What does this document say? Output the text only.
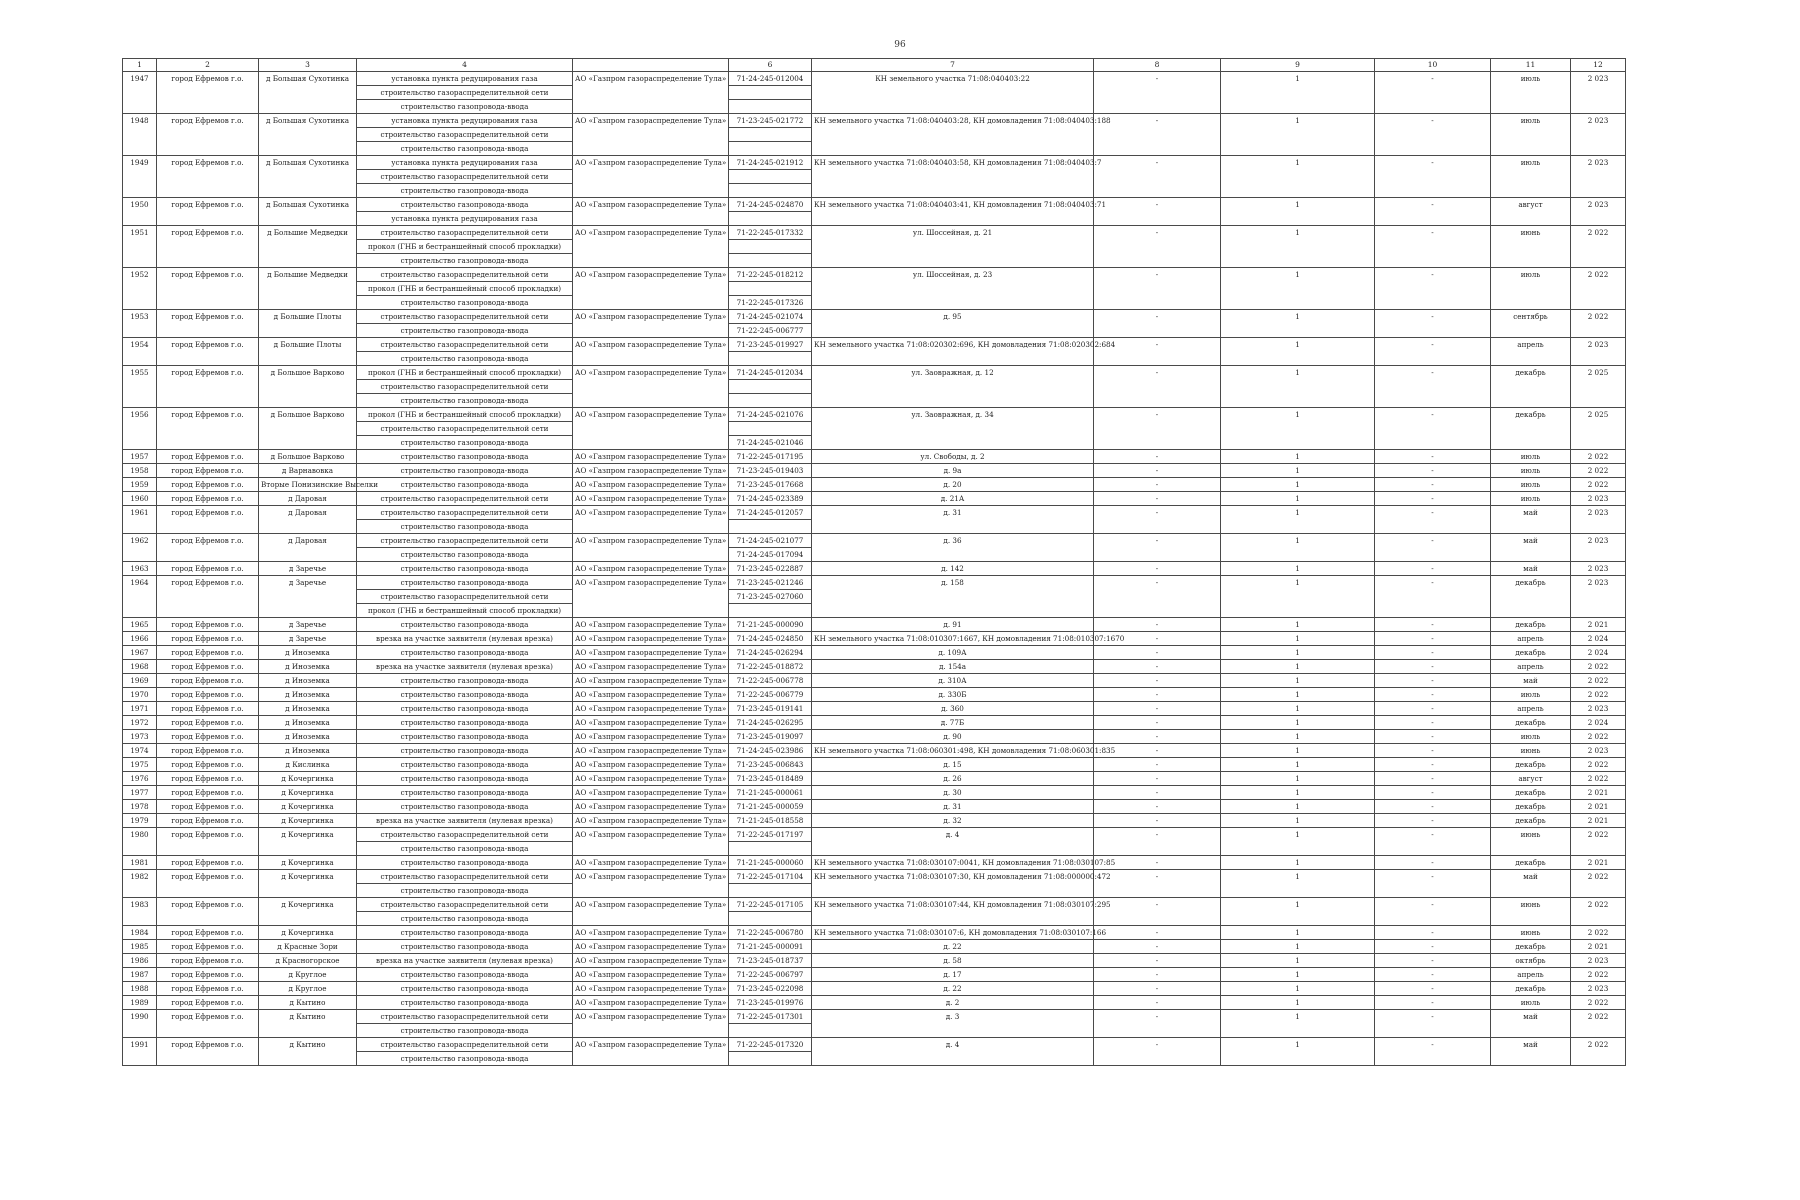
96
1	2	3	4		6	7	8	9	10	11	12
1947	город Ефремов г.о.	д Большая Сухотинка	установка пункта редуцирования газа	АО «Газпром газораспределение Тула»	71-24-245-012004	КН земельного участка 71:08:040403:22	-	1	-	июль	2 023
			строительство газораспределительной сети								
			строительство газопровода-ввода								
1948	город Ефремов г.о.	д Большая Сухотинка	установка пункта редуцирования газа	АО «Газпром газораспределение Тула»	71-23-245-021772	КН земельного участка 71:08:040403:28, КН домовладения 71:08:040403:188	-	1	-	июль	2 023
			строительство газораспределительной сети								
			строительство газопровода-ввода								
1949	город Ефремов г.о.	д Большая Сухотинка	установка пункта редуцирования газа	АО «Газпром газораспределение Тула»	71-24-245-021912	КН земельного участка 71:08:040403:58, КН домовладения 71:08:040403:7	-	1	-	июль	2 023
			строительство газораспределительной сети								
			строительство газопровода-ввода								
1950	город Ефремов г.о.	д Большая Сухотинка	строительство газопровода-ввода	АО «Газпром газораспределение Тула»	71-24-245-024870	КН земельного участка 71:08:040403:41, КН домовладения 71:08:040403:71	-	1	-	август	2 023
			установка пункта редуцирования газа								
1951	город Ефремов г.о.	д Большие Медведки	строительство газораспределительной сети	АО «Газпром газораспределение Тула»	71-22-245-017332	ул. Шоссейная, д. 21	-	1	-	июнь	2 022
			прокол (ГНБ и бестраншейный способ прокладки)								
			строительство газопровода-ввода								
1952	город Ефремов г.о.	д Большие Медведки	строительство газораспределительной сети	АО «Газпром газораспределение Тула»	71-22-245-018212	ул. Шоссейная, д. 23	-	1	-	июль	2 022
			прокол (ГНБ и бестраншейный способ прокладки)								
			строительство газопровода-ввода		71-22-245-017326						
1953	город Ефремов г.о.	д Большие Плоты	строительство газораспределительной сети	АО «Газпром газораспределение Тула»	71-24-245-021074	д. 95	-	1	-	сентябрь	2 022
			строительство газопровода-ввода		71-22-245-006777						
1954	город Ефремов г.о.	д Большие Плоты	строительство газораспределительной сети	АО «Газпром газораспределение Тула»	71-23-245-019927	КН земельного участка 71:08:020302:696, КН домовладения 71:08:020302:684	-	1	-	апрель	2 023
			строительство газопровода-ввода								
1955	город Ефремов г.о.	д Большое Варково	прокол (ГНБ и бестраншейный способ прокладки)	АО «Газпром газораспределение Тула»	71-24-245-012034	ул. Заовражная, д. 12	-	1	-	декабрь	2 025
			строительство газораспределительной сети								
			строительство газопровода-ввода								
1956	город Ефремов г.о.	д Большое Варково	прокол (ГНБ и бестраншейный способ прокладки)	АО «Газпром газораспределение Тула»	71-24-245-021076	ул. Заовражная, д. 34	-	1	-	декабрь	2 025
			строительство газораспределительной сети								
			строительство газопровода-ввода		71-24-245-021046						
1957	город Ефремов г.о.	д Большое Варково	строительство газопровода-ввода	АО «Газпром газораспределение Тула»	71-22-245-017195	ул. Свободы, д. 2	-	1	-	июль	2 022
1958	город Ефремов г.о.	д Варнавовка	строительство газопровода-ввода	АО «Газпром газораспределение Тула»	71-23-245-019403	д. 9а	-	1	-	июль	2 022
1959	город Ефремов г.о.	Вторые Понизинские Выселки	строительство газопровода-ввода	АО «Газпром газораспределение Тула»	71-23-245-017668	д. 20	-	1	-	июль	2 022
1960	город Ефремов г.о.	д Даровая	строительство газораспределительной сети	АО «Газпром газораспределение Тула»	71-24-245-023389	д. 21А	-	1	-	июль	2 023
1961	город Ефремов г.о.	д Даровая	строительство газораспределительной сети	АО «Газпром газораспределение Тула»	71-24-245-012057	д. 31	-	1	-	май	2 023
			строительство газопровода-ввода								
1962	город Ефремов г.о.	д Даровая	строительство газораспределительной сети	АО «Газпром газораспределение Тула»	71-24-245-021077	д. 36	-	1	-	май	2 023
			строительство газопровода-ввода		71-24-245-017094						
1963	город Ефремов г.о.	д Заречье	строительство газопровода-ввода	АО «Газпром газораспределение Тула»	71-23-245-022887	д. 142	-	1	-	май	2 023
1964	город Ефремов г.о.	д Заречье	строительство газопровода-ввода	АО «Газпром газораспределение Тула»	71-23-245-021246	д. 158	-	1	-	декабрь	2 023
			строительство газораспределительной сети		71-23-245-027060						
			прокол (ГНБ и бестраншейный способ прокладки)								
1965	город Ефремов г.о.	д Заречье	строительство газопровода-ввода	АО «Газпром газораспределение Тула»	71-21-245-000090	д. 91	-	1	-	декабрь	2 021
1966	город Ефремов г.о.	д Заречье	врезка на участке заявителя (нулевая врезка)	АО «Газпром газораспределение Тула»	71-24-245-024850	КН земельного участка 71:08:010307:1667, КН домовладения 71:08:010307:1670	-	1	-	апрель	2 024
1967	город Ефремов г.о.	д Иноземка	строительство газопровода-ввода	АО «Газпром газораспределение Тула»	71-24-245-026294	д. 109А	-	1	-	декабрь	2 024
1968	город Ефремов г.о.	д Иноземка	врезка на участке заявителя (нулевая врезка)	АО «Газпром газораспределение Тула»	71-22-245-018872	д. 154а	-	1	-	апрель	2 022
1969	город Ефремов г.о.	д Иноземка	строительство газопровода-ввода	АО «Газпром газораспределение Тула»	71-22-245-006778	д. 310А	-	1	-	май	2 022
1970	город Ефремов г.о.	д Иноземка	строительство газопровода-ввода	АО «Газпром газораспределение Тула»	71-22-245-006779	д. 330Б	-	1	-	июль	2 022
1971	город Ефремов г.о.	д Иноземка	строительство газопровода-ввода	АО «Газпром газораспределение Тула»	71-23-245-019141	д. 360	-	1	-	апрель	2 023
1972	город Ефремов г.о.	д Иноземка	строительство газопровода-ввода	АО «Газпром газораспределение Тула»	71-24-245-026295	д. 77Б	-	1	-	декабрь	2 024
1973	город Ефремов г.о.	д Иноземка	строительство газопровода-ввода	АО «Газпром газораспределение Тула»	71-23-245-019097	д. 90	-	1	-	июль	2 022
1974	город Ефремов г.о.	д Иноземка	строительство газопровода-ввода	АО «Газпром газораспределение Тула»	71-24-245-023986	КН земельного участка 71:08:060301:498, КН домовладения 71:08:060301:835	-	1	-	июнь	2 023
1975	город Ефремов г.о.	д Кислинка	строительство газопровода-ввода	АО «Газпром газораспределение Тула»	71-23-245-006843	д. 15	-	1	-	декабрь	2 022
1976	город Ефремов г.о.	д Кочергинка	строительство газопровода-ввода	АО «Газпром газораспределение Тула»	71-23-245-018489	д. 26	-	1	-	август	2 022
1977	город Ефремов г.о.	д Кочергинка	строительство газопровода-ввода	АО «Газпром газораспределение Тула»	71-21-245-000061	д. 30	-	1	-	декабрь	2 021
1978	город Ефремов г.о.	д Кочергинка	строительство газопровода-ввода	АО «Газпром газораспределение Тула»	71-21-245-000059	д. 31	-	1	-	декабрь	2 021
1979	город Ефремов г.о.	д Кочергинка	врезка на участке заявителя (нулевая врезка)	АО «Газпром газораспределение Тула»	71-21-245-018558	д. 32	-	1	-	декабрь	2 021
1980	город Ефремов г.о.	д Кочергинка	строительство газораспределительной сети	АО «Газпром газораспределение Тула»	71-22-245-017197	д. 4	-	1	-	июнь	2 022
			строительство газопровода-ввода								
1981	город Ефремов г.о.	д Кочергинка	строительство газопровода-ввода	АО «Газпром газораспределение Тула»	71-21-245-000060	КН земельного участка 71:08:030107:0041, КН домовладения 71:08:030107:85	-	1	-	декабрь	2 021
1982	город Ефремов г.о.	д Кочергинка	строительство газораспределительной сети	АО «Газпром газораспределение Тула»	71-22-245-017104	КН земельного участка 71:08:030107:30, КН домовладения 71:08:000000:472	-	1	-	май	2 022
			строительство газопровода-ввода								
1983	город Ефремов г.о.	д Кочергинка	строительство газораспределительной сети	АО «Газпром газораспределение Тула»	71-22-245-017105	КН земельного участка 71:08:030107:44, КН домовладения 71:08:030107:295	-	1	-	июнь	2 022
			строительство газопровода-ввода								
1984	город Ефремов г.о.	д Кочергинка	строительство газопровода-ввода	АО «Газпром газораспределение Тула»	71-22-245-006780	КН земельного участка 71:08:030107:6, КН домовладения 71:08:030107:166	-	1	-	июнь	2 022
1985	город Ефремов г.о.	д Красные Зори	строительство газопровода-ввода	АО «Газпром газораспределение Тула»	71-21-245-000091	д. 22	-	1	-	декабрь	2 021
1986	город Ефремов г.о.	д Красногорское	врезка на участке заявителя (нулевая врезка)	АО «Газпром газораспределение Тула»	71-23-245-018737	д. 58	-	1	-	октябрь	2 023
1987	город Ефремов г.о.	д Круглое	строительство газопровода-ввода	АО «Газпром газораспределение Тула»	71-22-245-006797	д. 17	-	1	-	апрель	2 022
1988	город Ефремов г.о.	д Круглое	строительство газопровода-ввода	АО «Газпром газораспределение Тула»	71-23-245-022098	д. 22	-	1	-	декабрь	2 023
1989	город Ефремов г.о.	д Кытино	строительство газопровода-ввода	АО «Газпром газораспределение Тула»	71-23-245-019976	д. 2	-	1	-	июль	2 022
1990	город Ефремов г.о.	д Кытино	строительство газораспределительной сети	АО «Газпром газораспределение Тула»	71-22-245-017301	д. 3	-	1	-	май	2 022
			строительство газопровода-ввода								
1991	город Ефремов г.о.	д Кытино	строительство газораспределительной сети	АО «Газпром газораспределение Тула»	71-22-245-017320	д. 4	-	1	-	май	2 022
			строительство газопровода-ввода								
